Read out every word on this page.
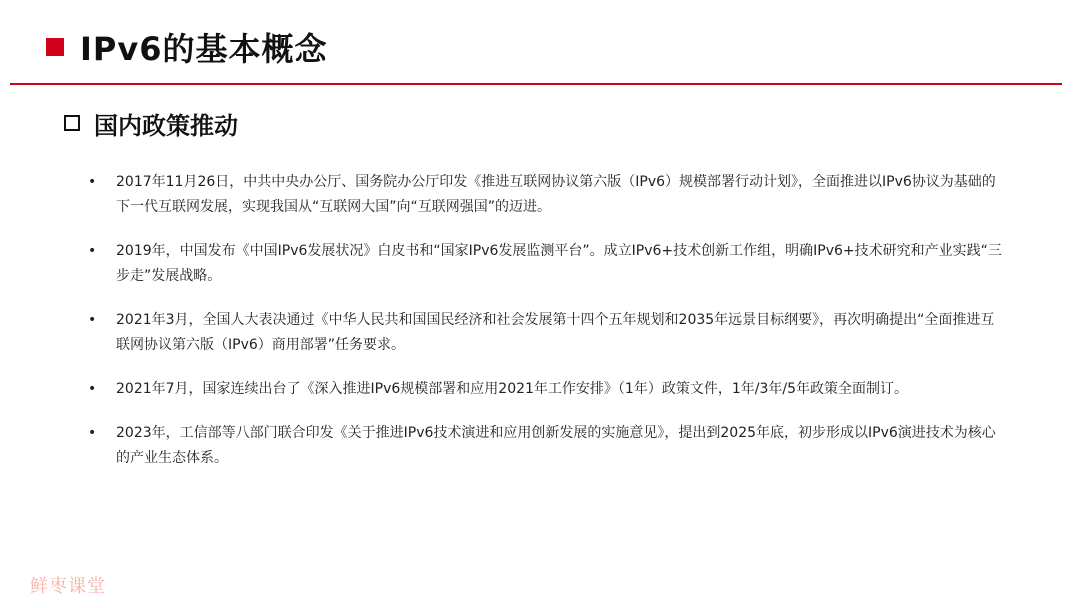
IPv6的基本概念
国内政策推动
•	2017年11月26日，中共中央办公厅、国务院办公厅印发《推进互联网协议第六版（IPv6）规模部署行动计划》，全面推进以IPv6协议为基础的下一代互联网发展，实现我国从“互联网大国”向“互联网强国”的迈进。
•	2019年，中国发布《中国IPv6发展状况》白皮书和“国家IPv6发展监测平台”。成立IPv6+技术创新工作组，明确IPv6+技术研究和产业实践“三步走”发展战略。
•	2021年3月，全国人大表决通过《中华人民共和国国民经济和社会发展第十四个五年规划和2035年远景目标纲要》，再次明确提出“全面推进互联网协议第六版（IPv6）商用部署”任务要求。
•	2021年7月，国家连续出台了《深入推进IPv6规模部署和应用2021年工作安排》（1年）政策文件，1年/3年/5年政策全面制订。
•	2023年，工信部等八部门联合印发《关于推进IPv6技术演进和应用创新发展的实施意见》，提出到2025年底，初步形成以IPv6演进技术为核心的产业生态体系。
鲜枣课堂
